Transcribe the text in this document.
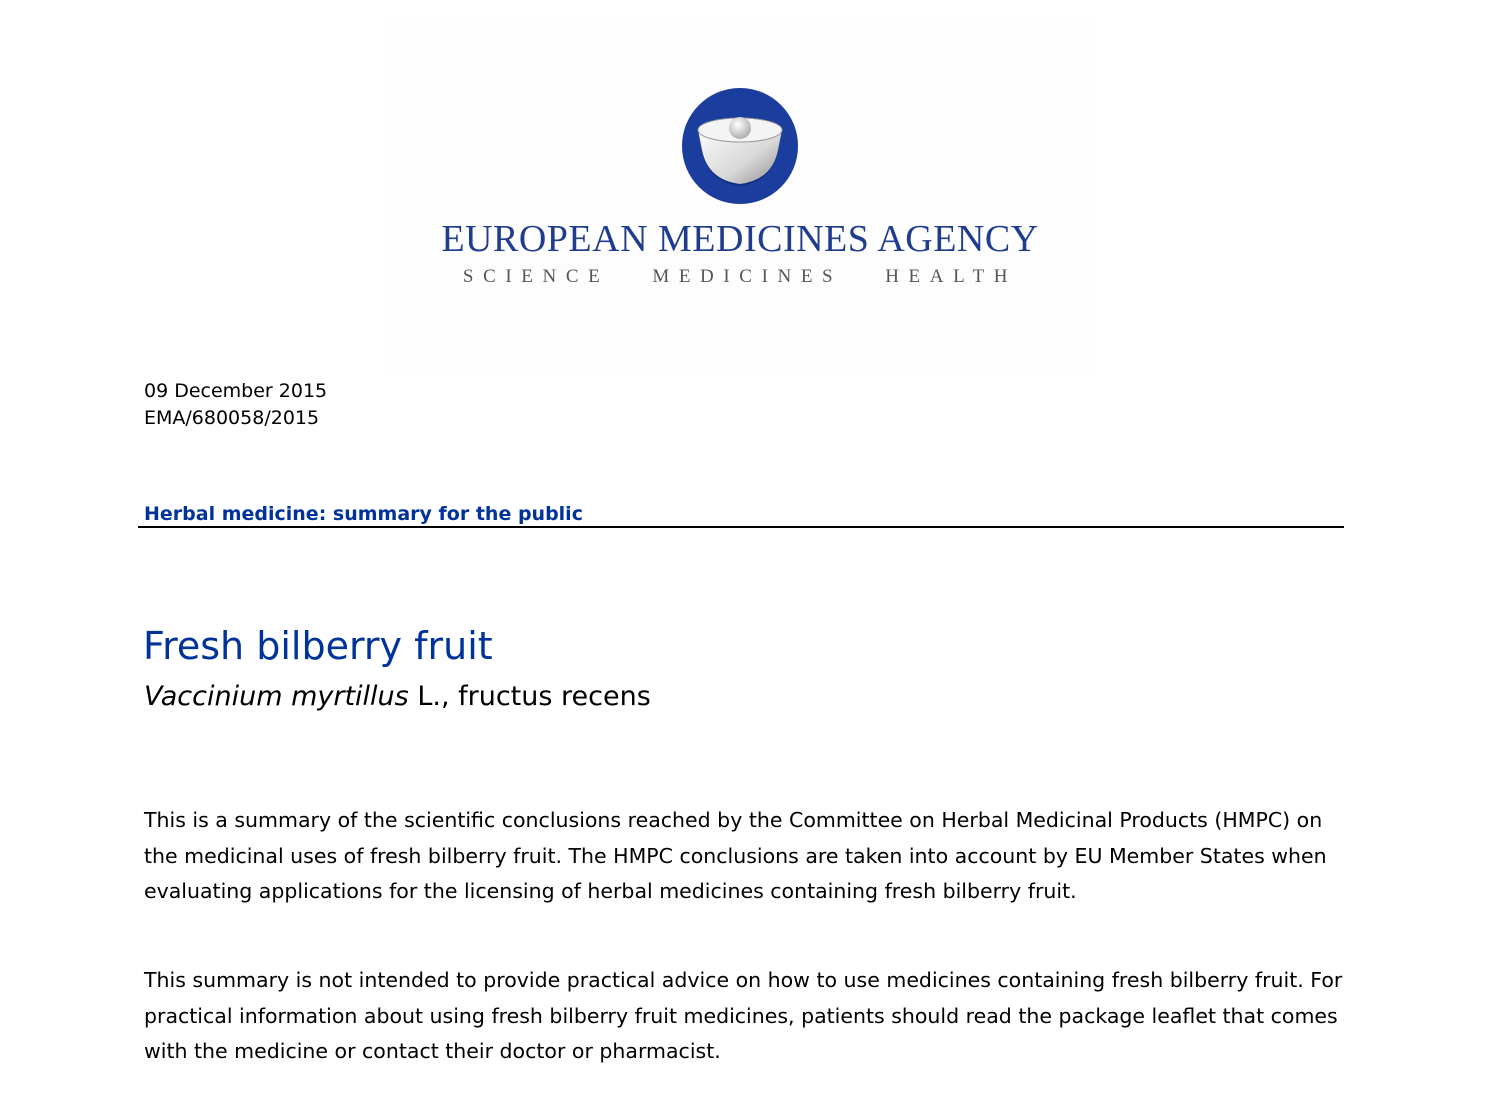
EUROPEAN MEDICINES AGENCY
SCIENCE   MEDICINES   HEALTH
09 December 2015
EMA/680058/2015
Herbal medicine: summary for the public
Fresh bilberry fruit
Vaccinium myrtillus L., fructus recens

This is a summary of the scientific conclusions reached by the Committee on Herbal Medicinal Products (HMPC) on the medicinal uses of fresh bilberry fruit. The HMPC conclusions are taken into account by EU Member States when evaluating applications for the licensing of herbal medicines containing fresh bilberry fruit.

This summary is not intended to provide practical advice on how to use medicines containing fresh bilberry fruit. For practical information about using fresh bilberry fruit medicines, patients should read the package leaflet that comes with the medicine or contact their doctor or pharmacist.
